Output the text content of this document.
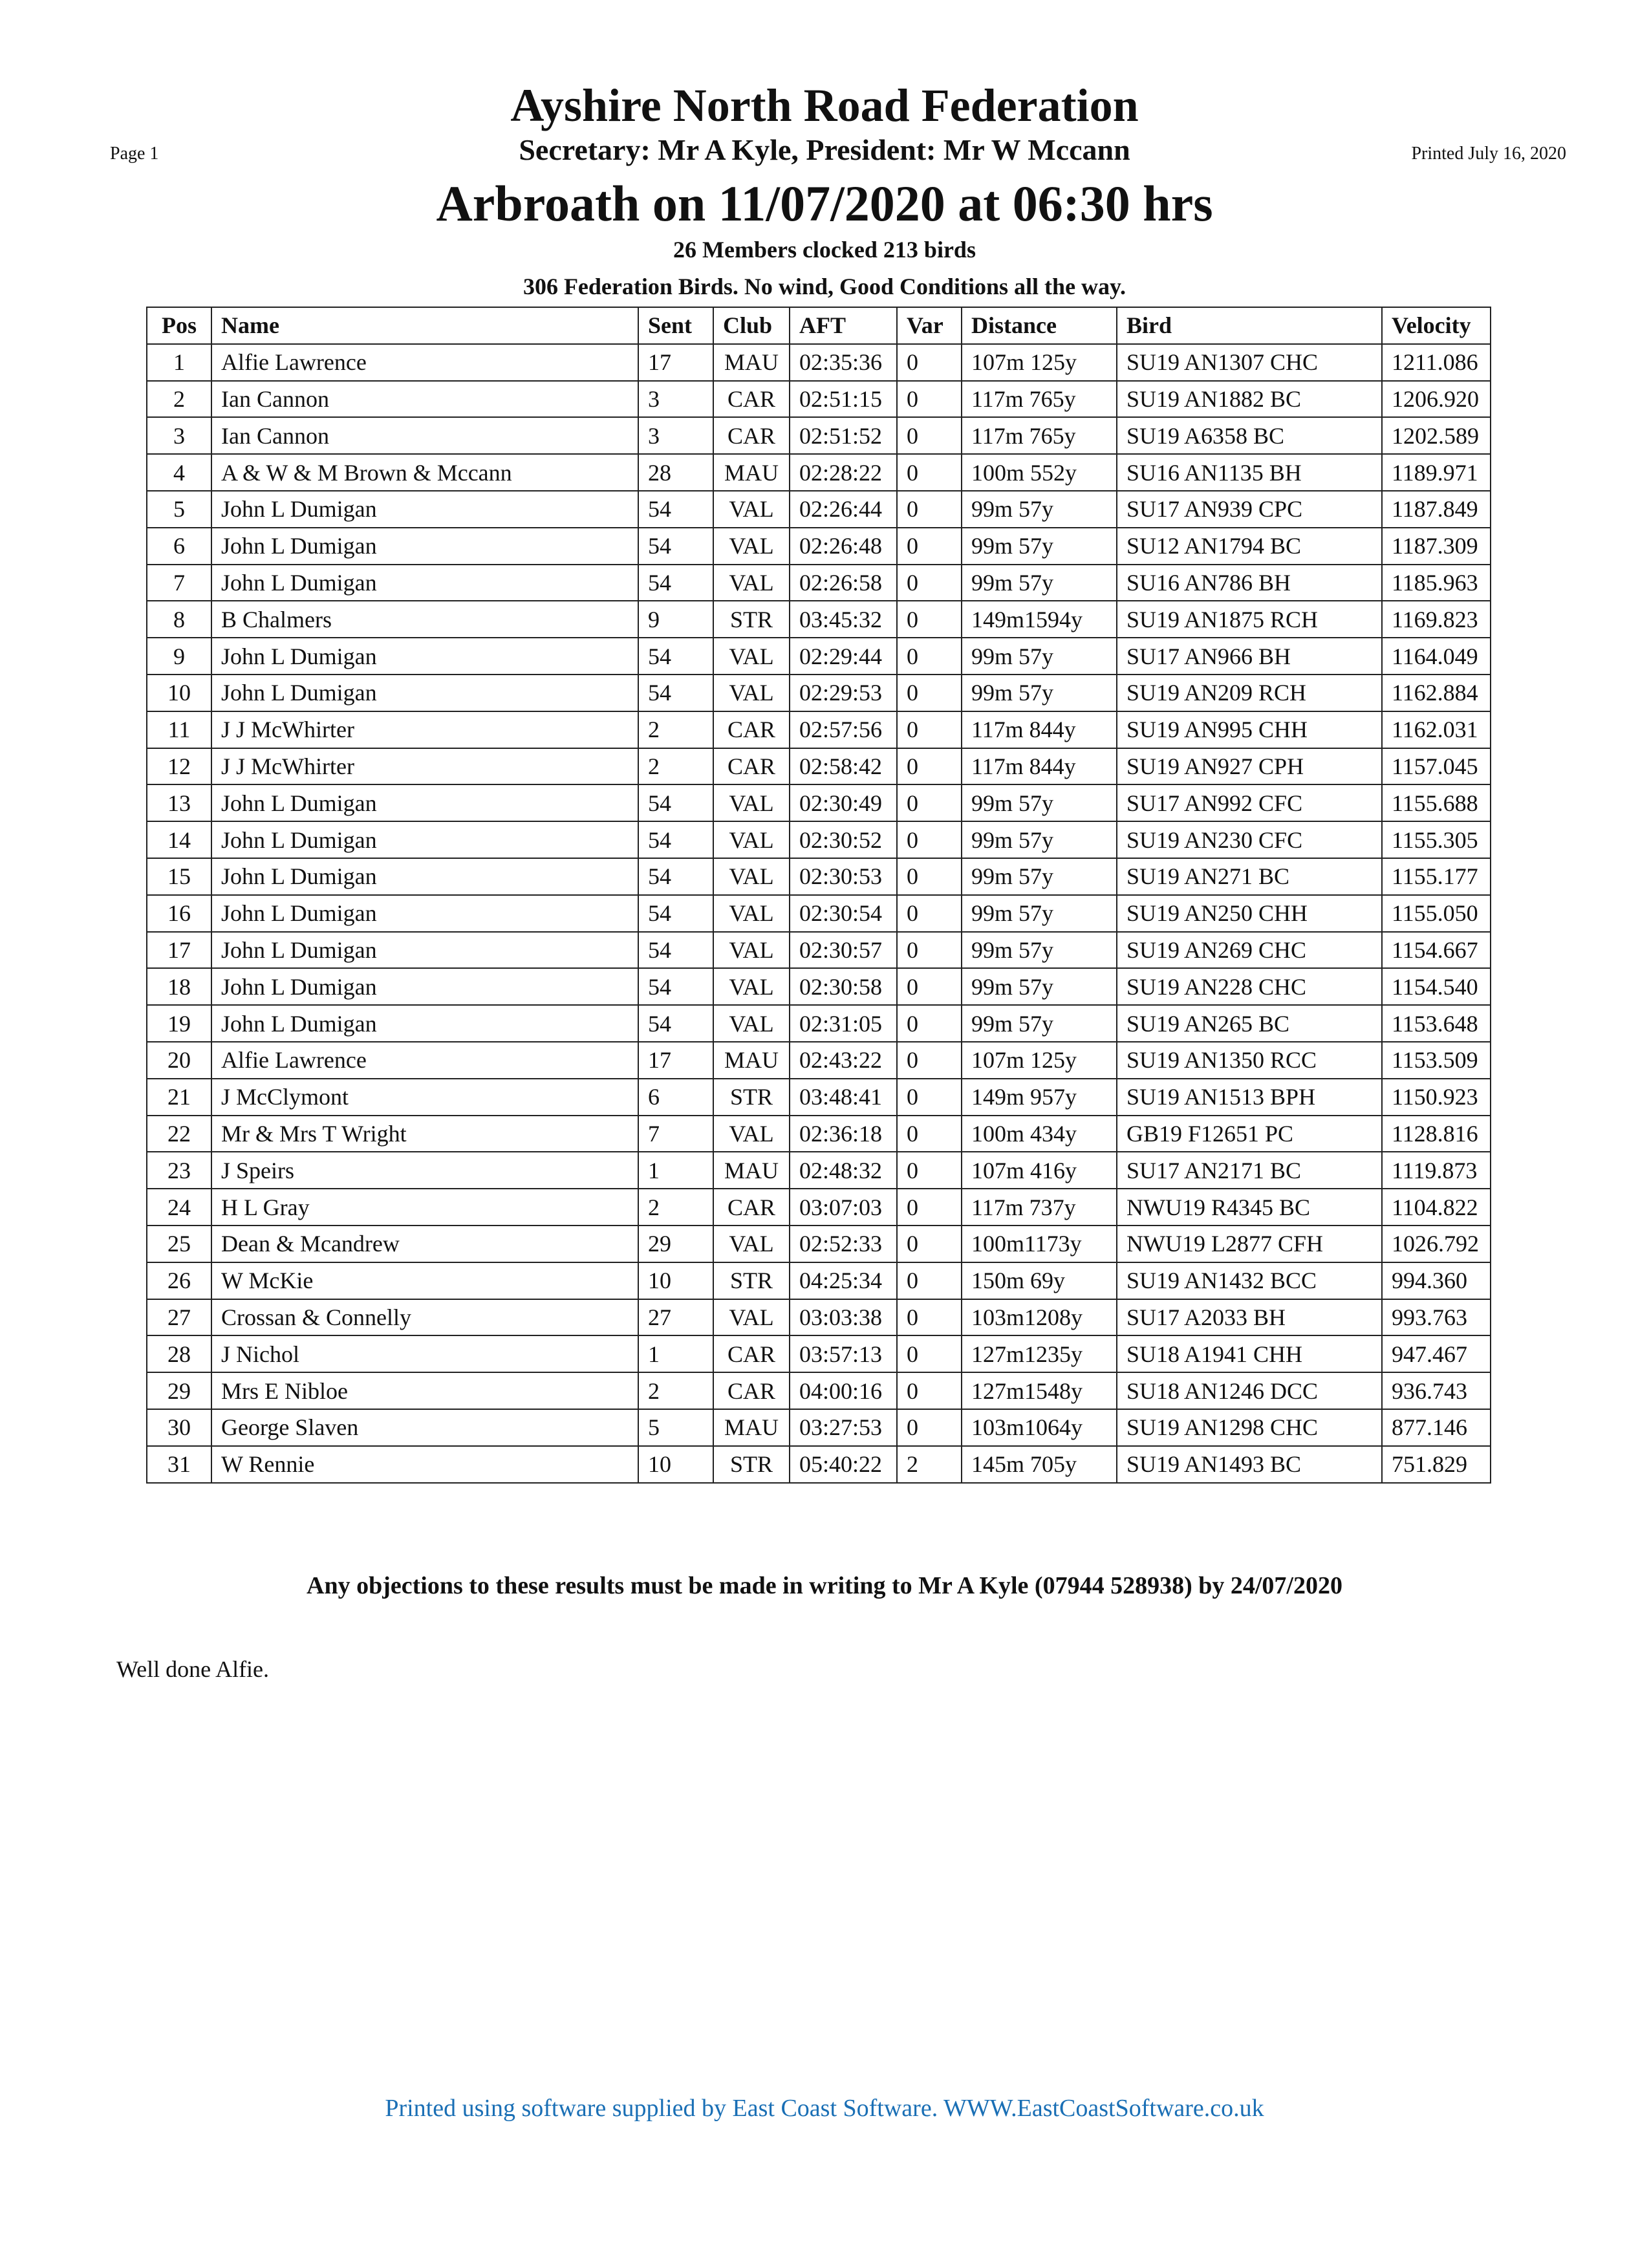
Page 1	Printed July 16, 2020
Ayshire North Road Federation
Secretary: Mr A Kyle, President: Mr W Mccann
Arbroath on 11/07/2020 at 06:30 hrs
26 Members clocked 213 birds
306 Federation Birds. No wind, Good Conditions all the way.
Pos	Name	Sent	Club	AFT	Var	Distance	Bird	Velocity
1	Alfie Lawrence	17	MAU	02:35:36	0	107m 125y	SU19 AN1307 CHC	1211.086
2	Ian Cannon	3	CAR	02:51:15	0	117m 765y	SU19 AN1882 BC	1206.920
3	Ian Cannon	3	CAR	02:51:52	0	117m 765y	SU19 A6358 BC	1202.589
4	A & W & M Brown & Mccann	28	MAU	02:28:22	0	100m 552y	SU16 AN1135 BH	1189.971
5	John L Dumigan	54	VAL	02:26:44	0	99m 57y	SU17 AN939 CPC	1187.849
6	John L Dumigan	54	VAL	02:26:48	0	99m 57y	SU12 AN1794 BC	1187.309
7	John L Dumigan	54	VAL	02:26:58	0	99m 57y	SU16 AN786 BH	1185.963
8	B Chalmers	9	STR	03:45:32	0	149m1594y	SU19 AN1875 RCH	1169.823
9	John L Dumigan	54	VAL	02:29:44	0	99m 57y	SU17 AN966 BH	1164.049
10	John L Dumigan	54	VAL	02:29:53	0	99m 57y	SU19 AN209 RCH	1162.884
11	J J McWhirter	2	CAR	02:57:56	0	117m 844y	SU19 AN995 CHH	1162.031
12	J J McWhirter	2	CAR	02:58:42	0	117m 844y	SU19 AN927 CPH	1157.045
13	John L Dumigan	54	VAL	02:30:49	0	99m 57y	SU17 AN992 CFC	1155.688
14	John L Dumigan	54	VAL	02:30:52	0	99m 57y	SU19 AN230 CFC	1155.305
15	John L Dumigan	54	VAL	02:30:53	0	99m 57y	SU19 AN271 BC	1155.177
16	John L Dumigan	54	VAL	02:30:54	0	99m 57y	SU19 AN250 CHH	1155.050
17	John L Dumigan	54	VAL	02:30:57	0	99m 57y	SU19 AN269 CHC	1154.667
18	John L Dumigan	54	VAL	02:30:58	0	99m 57y	SU19 AN228 CHC	1154.540
19	John L Dumigan	54	VAL	02:31:05	0	99m 57y	SU19 AN265 BC	1153.648
20	Alfie Lawrence	17	MAU	02:43:22	0	107m 125y	SU19 AN1350 RCC	1153.509
21	J McClymont	6	STR	03:48:41	0	149m 957y	SU19 AN1513 BPH	1150.923
22	Mr & Mrs T Wright	7	VAL	02:36:18	0	100m 434y	GB19 F12651 PC	1128.816
23	J Speirs	1	MAU	02:48:32	0	107m 416y	SU17 AN2171 BC	1119.873
24	H L Gray	2	CAR	03:07:03	0	117m 737y	NWU19 R4345 BC	1104.822
25	Dean & Mcandrew	29	VAL	02:52:33	0	100m1173y	NWU19 L2877 CFH	1026.792
26	W McKie	10	STR	04:25:34	0	150m 69y	SU19 AN1432 BCC	994.360
27	Crossan & Connelly	27	VAL	03:03:38	0	103m1208y	SU17 A2033 BH	993.763
28	J Nichol	1	CAR	03:57:13	0	127m1235y	SU18 A1941 CHH	947.467
29	Mrs E Nibloe	2	CAR	04:00:16	0	127m1548y	SU18 AN1246 DCC	936.743
30	George Slaven	5	MAU	03:27:53	0	103m1064y	SU19 AN1298 CHC	877.146
31	W Rennie	10	STR	05:40:22	2	145m 705y	SU19 AN1493 BC	751.829
Any objections to these results must be made in writing to Mr A Kyle (07944 528938) by 24/07/2020
Well done Alfie.
Printed using software supplied by East Coast Software. WWW.EastCoastSoftware.co.uk
